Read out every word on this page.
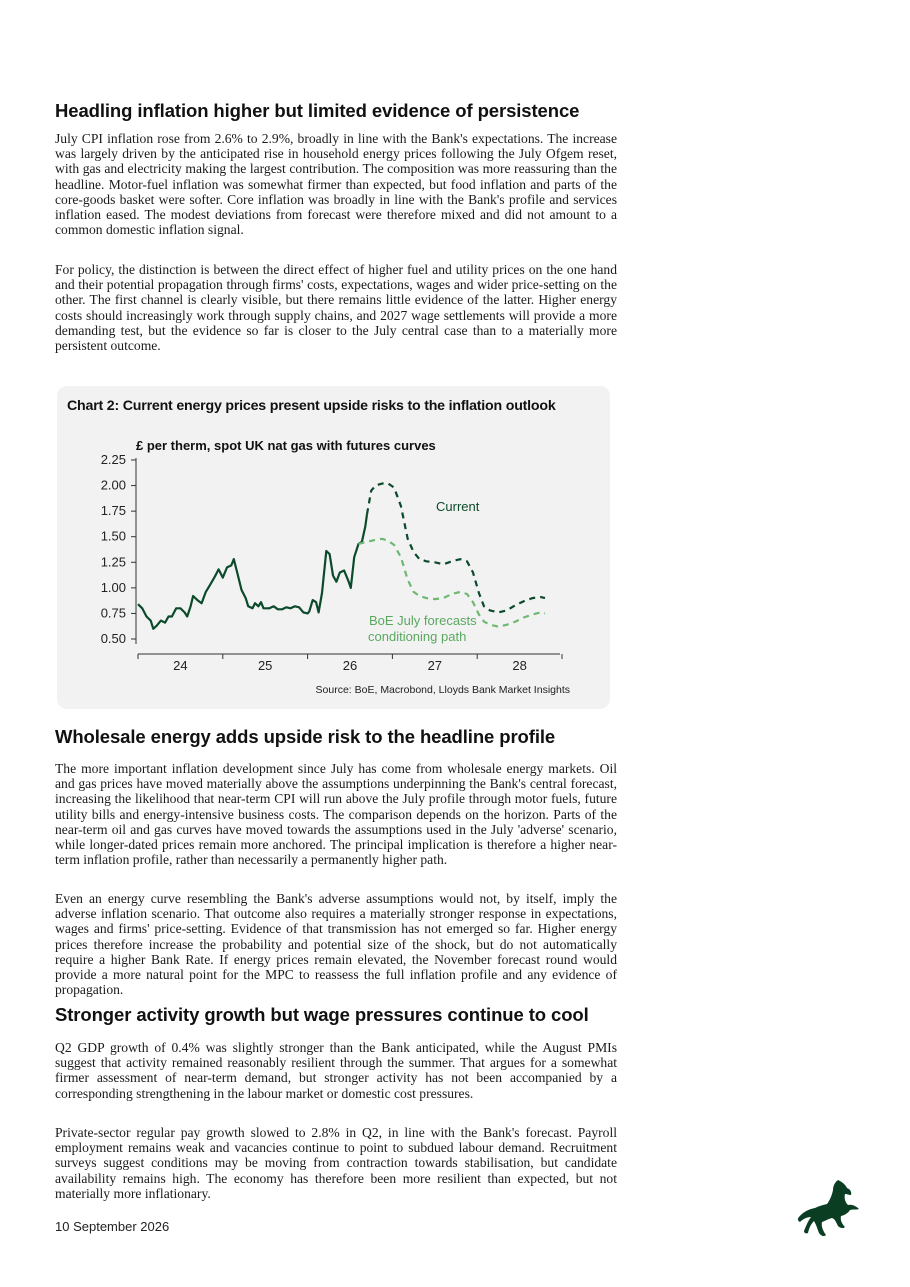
Headling inflation higher but limited evidence of persistence

July CPI inflation rose from 2.6% to 2.9%, broadly in line with the Bank's expectations. The increase was largely driven by the anticipated rise in household energy prices following the July Ofgem reset, with gas and electricity making the largest contribution. The composition was more reassuring than the headline. Motor-fuel inflation was somewhat firmer than expected, but food inflation and parts of the core-goods basket were softer. Core inflation was broadly in line with the Bank's profile and services inflation eased. The modest deviations from forecast were therefore mixed and did not amount to a common domestic inflation signal.

For policy, the distinction is between the direct effect of higher fuel and utility prices on the one hand and their potential propagation through firms' costs, expectations, wages and wider price-setting on the other. The first channel is clearly visible, but there remains little evidence of the latter. Higher energy costs should increasingly work through supply chains, and 2027 wage settlements will provide a more demanding test, but the evidence so far is closer to the July central case than to a materially more persistent outcome.

Chart 2: Current energy prices present upside risks to the inflation outlook
£ per therm, spot UK nat gas with futures curves
0.50
0.75
1.00
1.25
1.50
1.75
2.00
2.25
24	25	26	27	28
Current
BoE July forecasts
conditioning path
Source: BoE, Macrobond, Lloyds Bank Market Insights
Wholesale energy adds upside risk to the headline profile

The more important inflation development since July has come from wholesale energy markets. Oil and gas prices have moved materially above the assumptions underpinning the Bank's central forecast, increasing the likelihood that near-term CPI will run above the July profile through motor fuels, future utility bills and energy-intensive business costs. The comparison depends on the horizon. Parts of the near-term oil and gas curves have moved towards the assumptions used in the July 'adverse' scenario, while longer-dated prices remain more anchored. The principal implication is therefore a higher near-term inflation profile, rather than necessarily a permanently higher path.

Even an energy curve resembling the Bank's adverse assumptions would not, by itself, imply the adverse inflation scenario. That outcome also requires a materially stronger response in expectations, wages and firms' price-setting. Evidence of that transmission has not emerged so far. Higher energy prices therefore increase the probability and potential size of the shock, but do not automatically require a higher Bank Rate. If energy prices remain elevated, the November forecast round would provide a more natural point for the MPC to reassess the full inflation profile and any evidence of propagation.

Stronger activity growth but wage pressures continue to cool

Q2 GDP growth of 0.4% was slightly stronger than the Bank anticipated, while the August PMIs suggest that activity remained reasonably resilient through the summer. That argues for a somewhat firmer assessment of near-term demand, but stronger activity has not been accompanied by a corresponding strengthening in the labour market or domestic cost pressures.

Private-sector regular pay growth slowed to 2.8% in Q2, in line with the Bank's forecast. Payroll employment remains weak and vacancies continue to point to subdued labour demand. Recruitment surveys suggest conditions may be moving from contraction towards stabilisation, but candidate availability remains high. The economy has therefore been more resilient than expected, but not materially more inflationary.

10 September 2026
